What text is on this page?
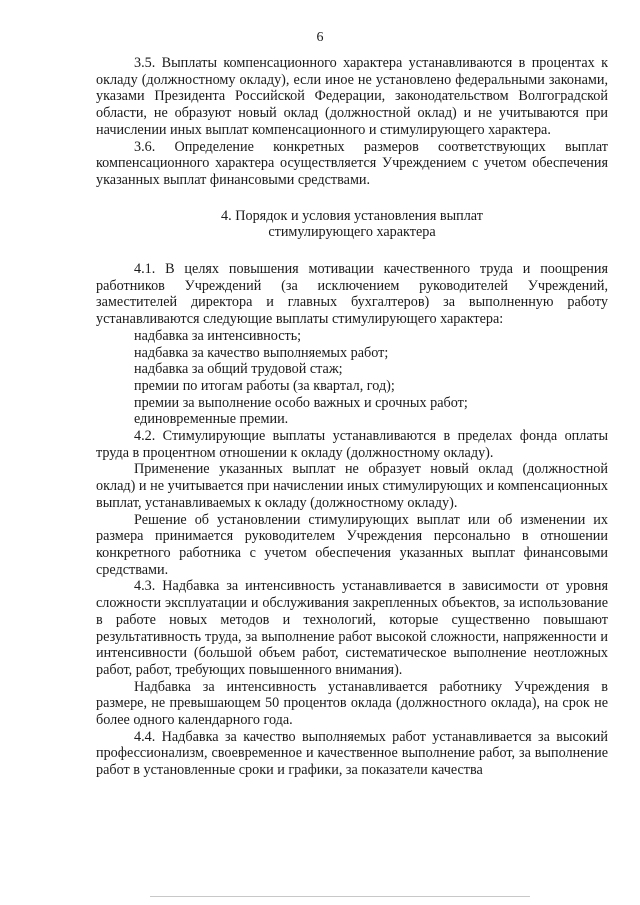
6

3.5. Выплаты компенсационного характера устанавливаются в процентах к окладу (должностному окладу), если иное не установлено федеральными законами, указами Президента Российской Федерации, законодательством Волгоградской области, не образуют новый оклад (должностной оклад) и не учитываются при начислении иных выплат компенсационного и стимулирующего характера.

3.6. Определение конкретных размеров соответствующих выплат компенсационного характера осуществляется Учреждением с учетом обеспечения указанных выплат финансовыми средствами.

4. Порядок и условия установления выплат
стимулирующего характера

4.1. В целях повышения мотивации качественного труда и поощрения работников Учреждений (за исключением руководителей Учреждений, заместителей директора и главных бухгалтеров) за выполненную работу устанавливаются следующие выплаты стимулирующего характера:

надбавка за интенсивность;

надбавка за качество выполняемых работ;

надбавка за общий трудовой стаж;

премии по итогам работы (за квартал, год);

премии за выполнение особо важных и срочных работ;

единовременные премии.

4.2. Стимулирующие выплаты устанавливаются в пределах фонда оплаты труда в процентном отношении к окладу (должностному окладу).

Применение указанных выплат не образует новый оклад (должностной оклад) и не учитывается при начислении иных стимулирующих и компенсационных выплат, устанавливаемых к окладу (должностному окладу).

Решение об установлении стимулирующих выплат или об изменении их размера принимается руководителем Учреждения персонально в отношении конкретного работника с учетом обеспечения указанных выплат финансовыми средствами.

4.3. Надбавка за интенсивность устанавливается в зависимости от уровня сложности эксплуатации и обслуживания закрепленных объектов, за использование в работе новых методов и технологий, которые существенно повышают результативность труда, за выполнение работ высокой сложности, напряженности и интенсивности (большой объем работ, систематическое выполнение неотложных работ, работ, требующих повышенного внимания).

Надбавка за интенсивность устанавливается работнику Учреждения в размере, не превышающем 50 процентов оклада (должностного оклада), на срок не более одного календарного года.

4.4. Надбавка за качество выполняемых работ устанавливается за высокий профессионализм, своевременное и качественное выполнение работ, за выполнение работ в установленные сроки и графики, за показатели качества
